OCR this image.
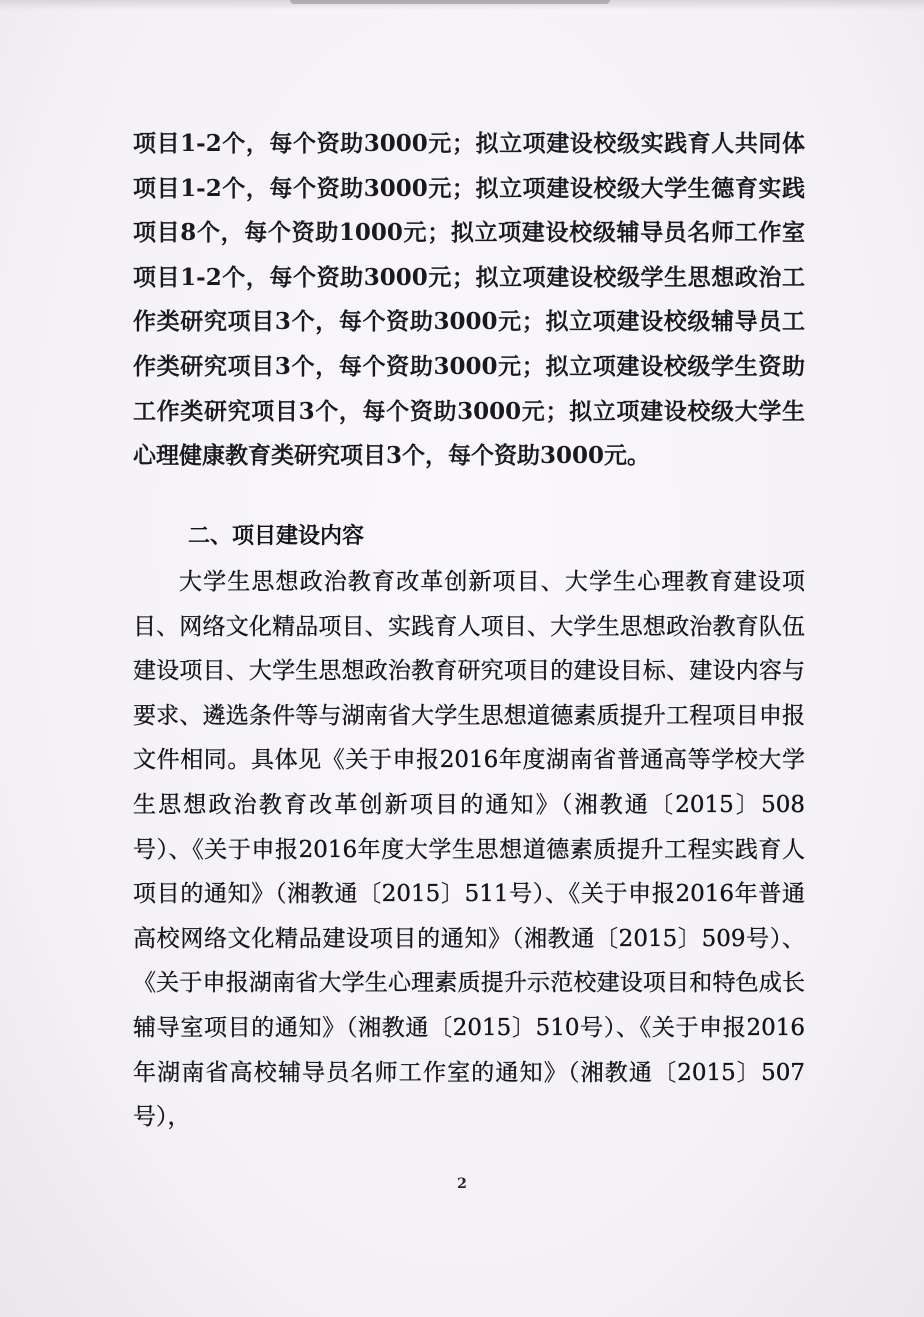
项目1-2个，每个资助3000元；拟立项建设校级实践育人共同体项目1-2个，每个资助3000元；拟立项建设校级大学生德育实践项目8个，每个资助1000元；拟立项建设校级辅导员名师工作室项目1-2个，每个资助3000元；拟立项建设校级学生思想政治工作类研究项目3个，每个资助3000元；拟立项建设校级辅导员工作类研究项目3个，每个资助3000元；拟立项建设校级学生资助工作类研究项目3个，每个资助3000元；拟立项建设校级大学生心理健康教育类研究项目3个，每个资助3000元。

二、项目建设内容

大学生思想政治教育改革创新项目、大学生心理教育建设项目、网络文化精品项目、实践育人项目、大学生思想政治教育队伍建设项目、大学生思想政治教育研究项目的建设目标、建设内容与要求、遴选条件等与湖南省大学生思想道德素质提升工程项目申报文件相同。具体见《关于申报2016年度湖南省普通高等学校大学生思想政治教育改革创新项目的通知》（湘教通〔2015〕508号）、《关于申报2016年度大学生思想道德素质提升工程实践育人项目的通知》（湘教通〔2015〕511号）、《关于申报2016年普通高校网络文化精品建设项目的通知》（湘教通〔2015〕509号）、《关于申报湖南省大学生心理素质提升示范校建设项目和特色成长辅导室项目的通知》（湘教通〔2015〕510号）、《关于申报2016年湖南省高校辅导员名师工作室的通知》（湘教通〔2015〕507号），

2
